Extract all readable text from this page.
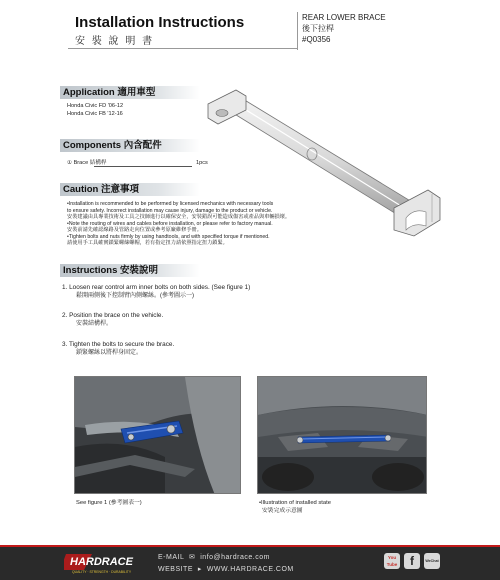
Installation Instructions
安 裝 說 明 書
REAR LOWER BRACE
後下拉桿
#Q0356
Application 適用車型
Honda Civic FD '06-12
Honda Civic FB '12-16
Components 內含配件
① Brace 結構桿	1pcs
Caution 注意事項
•Installation is recommended to be performed by licensed mechanics with necessary tools
to ensure safety. Incorrect installation may cause injury, damage to the product or vehicle.
安裝建議由具專業技術及工具之技師進行以確保安全，安裝錯誤可能造成傷害或產品與車輛損壞。
•Note the routing of wires and cables before installation, or please refer to factory manual.
安裝前請先確認線路及管路走向位置或參考原廠維修手冊。
•Tighten bolts and nuts firmly by using handtools, and with specified torque if mentioned.
請使用手工具確實鎖緊螺絲螺帽，若有指定扭力請依照指定扭力鎖緊。
Instructions 安裝說明
1. Loosen rear control arm inner bolts on both sides. (See figure 1)
鬆開兩側後下控制臂內側螺絲。(參考圖示一)
2. Position the brace on the vehicle.
安裝結構桿。
3. Tighten the bolts to secure the brace.
鎖緊螺絲以將桿身固定。
See figure 1 (參考圖表一)	•Illustration of installed state
安裝完成示意圖
HARDRACE
QUALITY · STRENGTH · DURABILITY
E-MAIL  ✉  info@hardrace.com
WEBSITE  ▸  WWW.HARDRACE.COM
You Tube	f	WeChat
